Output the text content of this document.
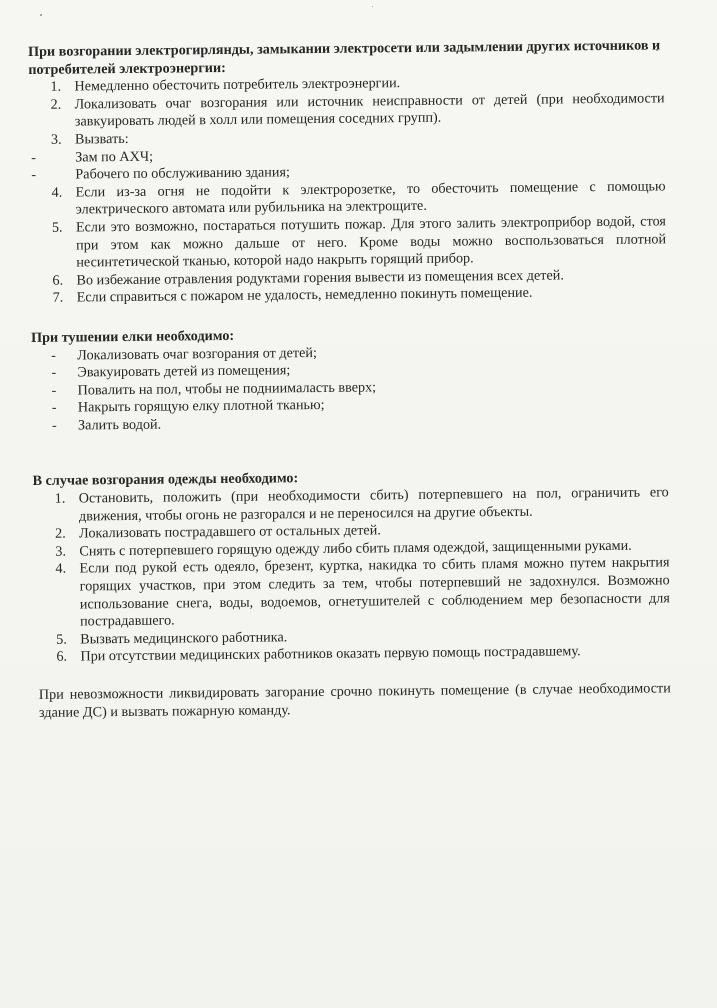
При возгорании электрогирлянды, замыкании электросети или задымлении других источников и потребителей электроэнергии:

1. Немедленно обесточить потребитель электроэнергии.
2. Локализовать очаг возгорания или источник неисправности от детей (при необходимости завкуировать людей в холл или помещения соседних групп).
3. Вызвать:
-	Зам по АХЧ;
-	Рабочего по обслуживанию здания;
4. Если из-за огня не подойти к электророзетке, то обесточить помещение с помощью электрического автомата или рубильника на электрощите.
5. Если это возможно, постараться потушить пожар. Для этого залить электроприбор водой, стоя при этом как можно дальше от него. Кроме воды можно воспользоваться плотной несинтетической тканью, которой надо накрыть горящий прибор.
6. Во избежание отравления родуктами горения вывести из помещения всех детей.
7. Если справиться с пожаром не удалость, немедленно покинуть помещение.

При тушении елки необходимо:

- Локализовать очаг возгорания от детей;
- Эвакуировать детей из помещения;
- Повалить на пол, чтобы не подниималасть вверх;
- Накрыть горящую елку плотной тканью;
- Залить водой.

В случае возгорания одежды необходимо:

1. Остановить, положить (при необходимости сбить) потерпевшего на пол, ограничить его движения, чтобы огонь не разгорался и не переносился на другие объекты.
2. Локализовать пострадавшего от остальных детей.
3. Снять с потерпевшего горящую одежду либо сбить пламя одеждой, защищенными руками.
4. Если под рукой есть одеяло, брезент, куртка, накидка то сбить пламя можно путем накрытия горящих участков, при этом следить за тем, чтобы потерпевший не задохнулся. Возможно использование снега, воды, водоемов, огнетушителей с соблюдением мер безопасности для пострадавшего.
5. Вызвать медицинского работника.
6. При отсутствии медицинских работников оказать первую помощь пострадавшему.

При невозможности ликвидировать загорание срочно покинуть помещение (в случае необходимости здание ДС) и вызвать пожарную команду.
